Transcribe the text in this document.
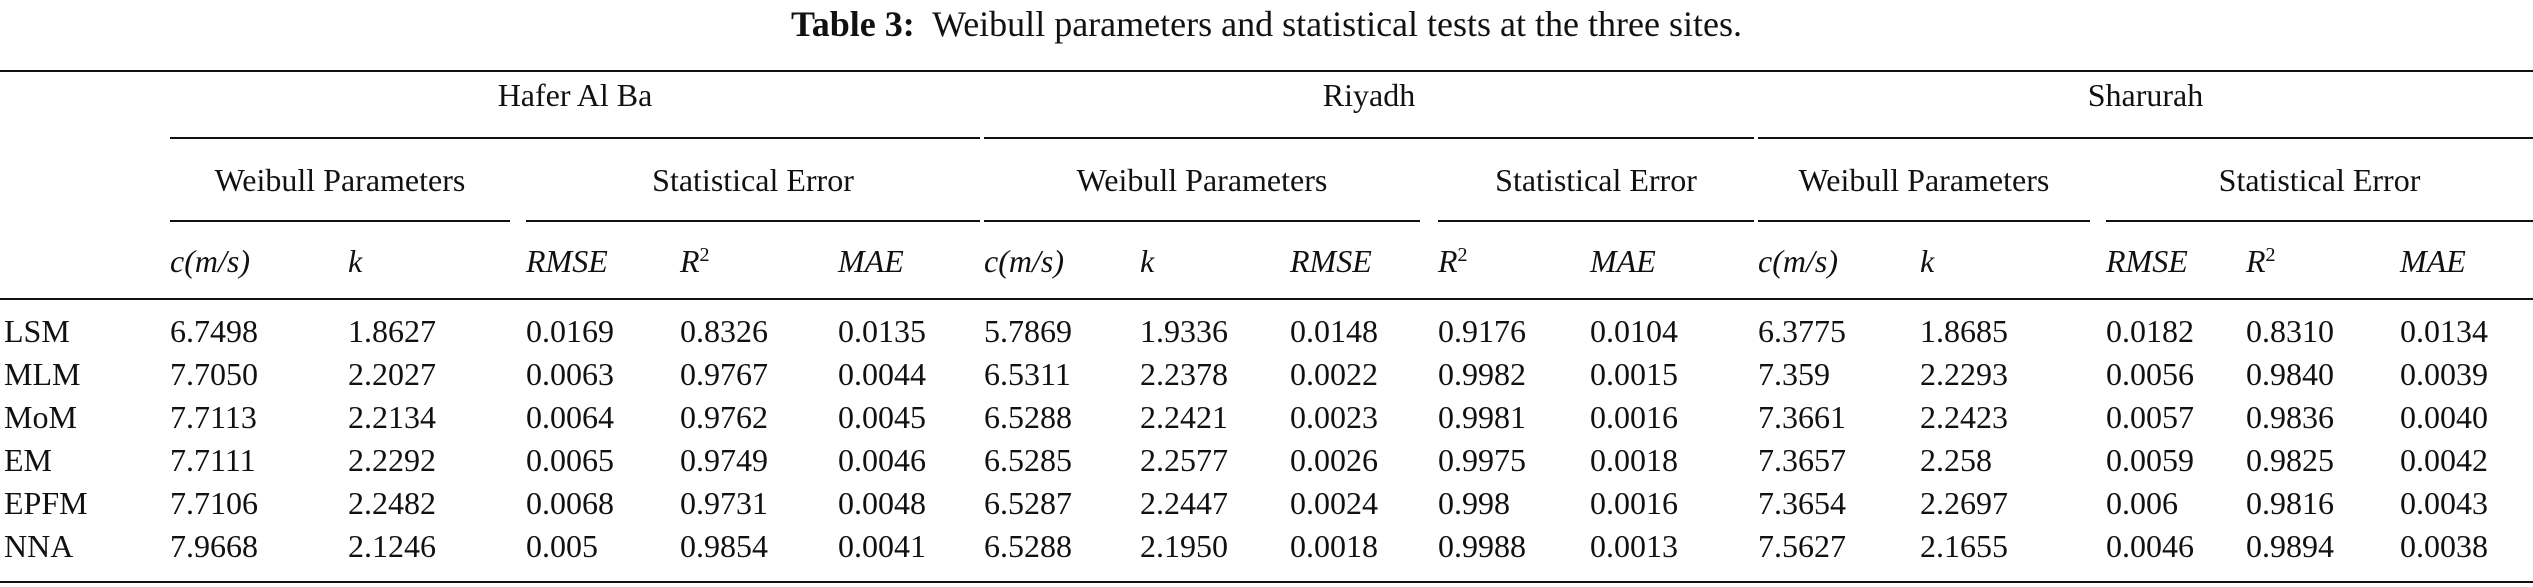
Table 3: Weibull parameters and statistical tests at the three sites.
Hafer Al Ba	Riyadh	Sharurah
Weibull Parameters	Statistical Error	Weibull Parameters	Statistical Error	Weibull Parameters	Statistical Error
c(m/s)	k	RMSE $R^2$	MAE	c(m/s) k	RMSE $R^2$	MAE	c(m/s)	k	RMSE $R^2$	MAE
LSM	6.7498	1.8627	0.0169 0.8326 0.0135 5.7869 1.9336 0.0148 0.9176 0.0104	6.3775 1.8685	0.0182 0.8310 0.0134
MLM	7.7050	2.2027	0.0063 0.9767 0.0044 6.5311 2.2378 0.0022 0.9982 0.0015	7.359	2.2293	0.0056 0.9840 0.0039
MoM	7.7113	2.2134	0.0064 0.9762 0.0045 6.5288 2.2421 0.0023 0.9981 0.0016	7.3661 2.2423	0.0057 0.9836 0.0040
EM	7.7111	2.2292	0.0065 0.9749 0.0046 6.5285 2.2577 0.0026 0.9975 0.0018	7.3657 2.258	0.0059 0.9825 0.0042
EPFM	7.7106	2.2482	0.0068 0.9731 0.0048 6.5287 2.2447 0.0024 0.998	0.0016	7.3654 2.2697	0.006 0.9816 0.0043
NNA	7.9668	2.1246	0.005	0.9854 0.0041 6.5288 2.1950 0.0018 0.9988 0.0013	7.5627 2.1655	0.0046 0.9894 0.0038
